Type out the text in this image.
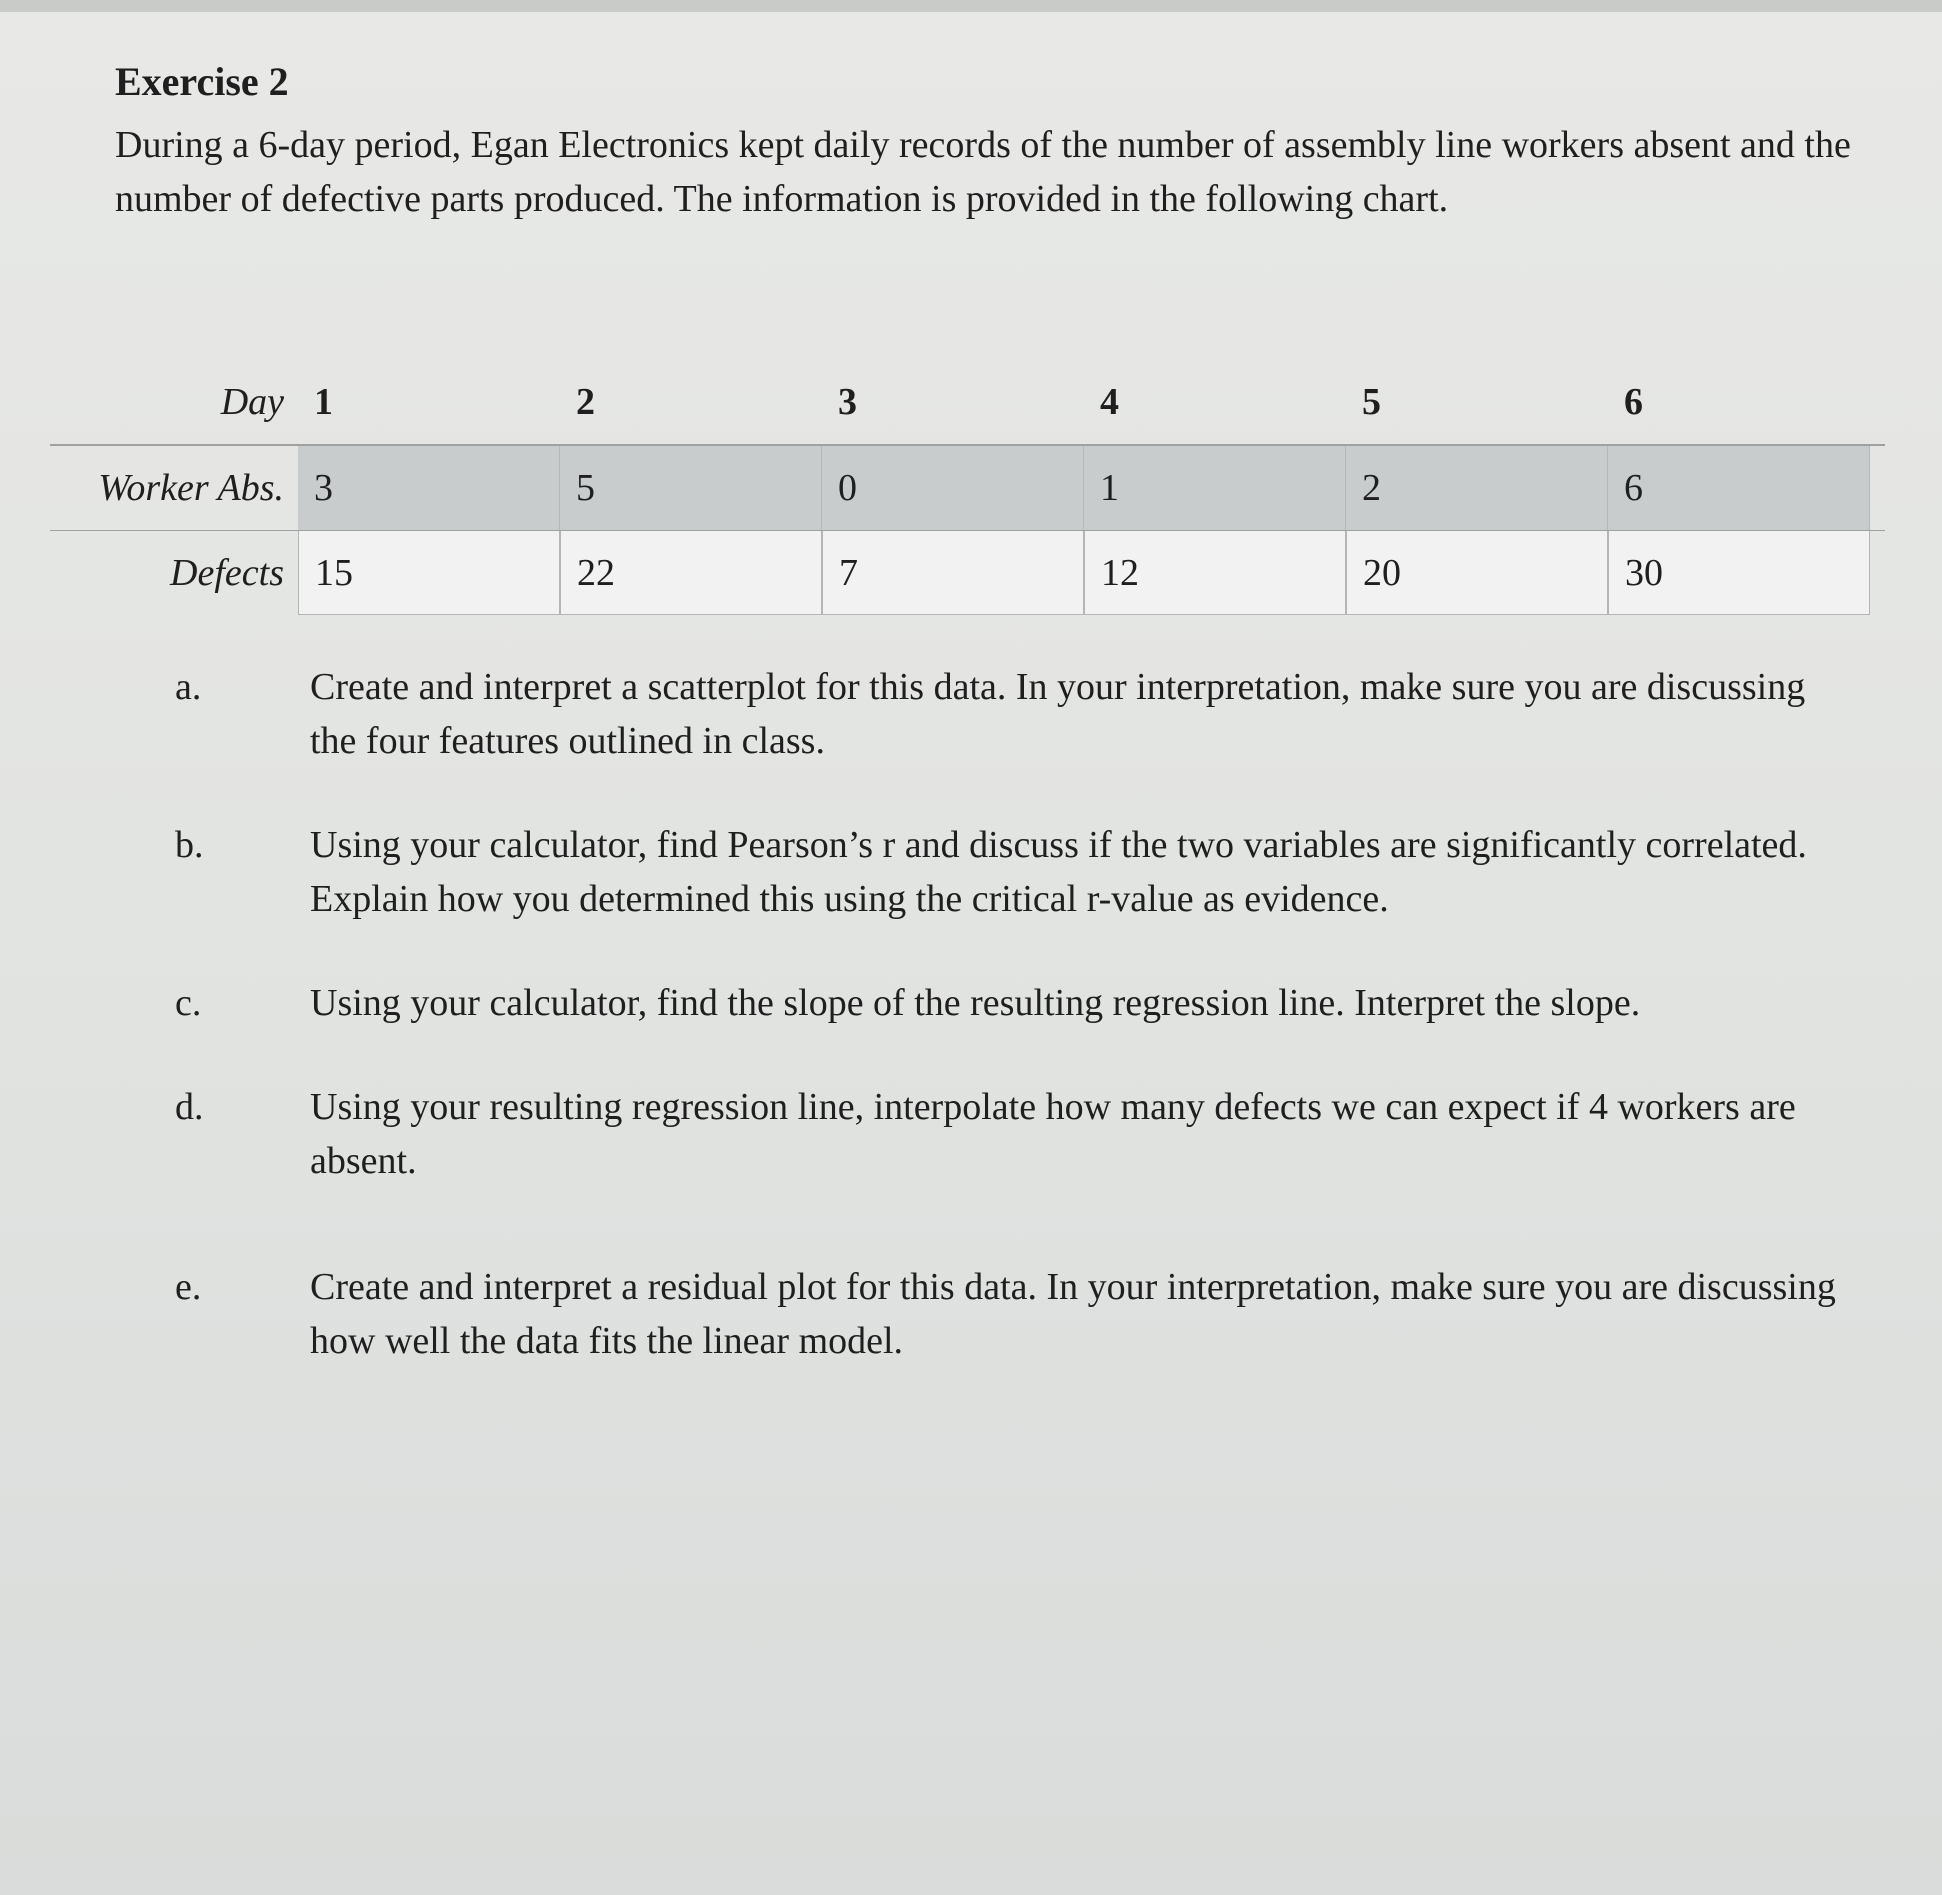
Exercise 2

During a 6-day period, Egan Electronics kept daily records of the number of assembly line workers absent and the number of defective parts produced. The information is provided in the following chart.

Day 1	2	3	4	5	6
Worker Abs. 3	5	0	1	2	6
Defects 15	22	7	12	20	30
a.	Create and interpret a scatterplot for this data. In your interpretation, make sure you are discussing the four features outlined in class.
b.	Using your calculator, find Pearson’s r and discuss if the two variables are significantly correlated. Explain how you determined this using the critical r-value as evidence.
c.	Using your calculator, find the slope of the resulting regression line. Interpret the slope.
d.	Using your resulting regression line, interpolate how many defects we can expect if 4 workers are absent.
e.	Create and interpret a residual plot for this data. In your interpretation, make sure you are discussing how well the data fits the linear model.
